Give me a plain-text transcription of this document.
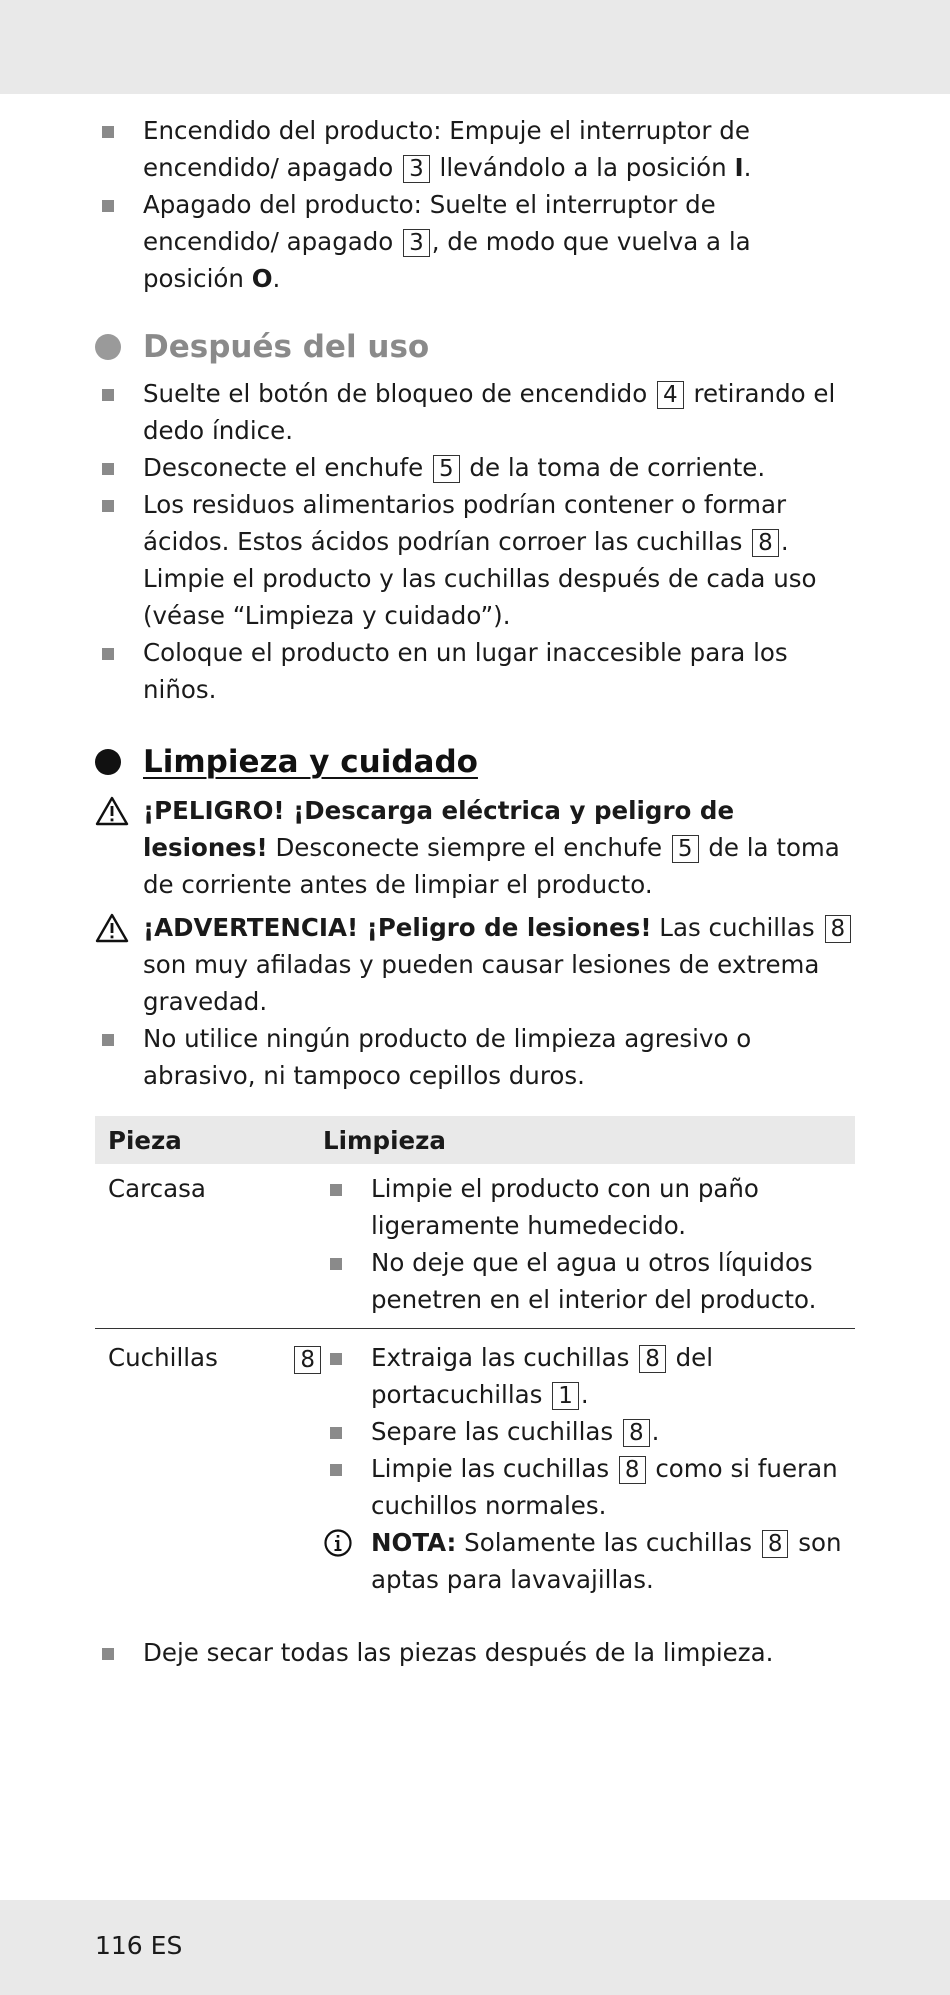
Encendido del producto: Empuje el interruptor de encendido/ apagado 3 llevándolo a la posición I.
Apagado del producto: Suelte el interruptor de encendido/ apagado 3 , de modo que vuelva a la posición O.
Después del uso
Suelte el botón de bloqueo de encendido 4 retirando el dedo índice.
Desconecte el enchufe 5 de la toma de corriente.
Los residuos alimentarios podrían contener o formar ácidos. Estos ácidos podrían corroer las cuchillas 8 . Limpie el producto y las cuchillas después de cada uso (véase “Limpieza y cuidado”).
Coloque el producto en un lugar inaccesible para los niños.
Limpieza y cuidado
¡PELIGRO! ¡Descarga eléctrica y peligro de lesiones! Desconecte siempre el enchufe 5 de la toma de corriente antes de limpiar el producto.
¡ADVERTENCIA! ¡Peligro de lesiones! Las cuchillas 8 son muy afiladas y pueden causar lesiones de extrema gravedad.
No utilice ningún producto de limpieza agresivo o abrasivo, ni tampoco cepillos duros.
Pieza	Limpieza
Carcasa	Limpie el producto con un paño ligeramente humedecido.
No deje que el agua u otros líquidos penetren en el interior del producto.
Cuchillas	8	Extraiga las cuchillas 8 del portacuchillas 1 .
Separe las cuchillas 8 .
Limpie las cuchillas 8 como si fueran cuchillos normales.
NOTA: Solamente las cuchillas 8 son aptas para lavavajillas.
Deje secar todas las piezas después de la limpieza.
116 ES
